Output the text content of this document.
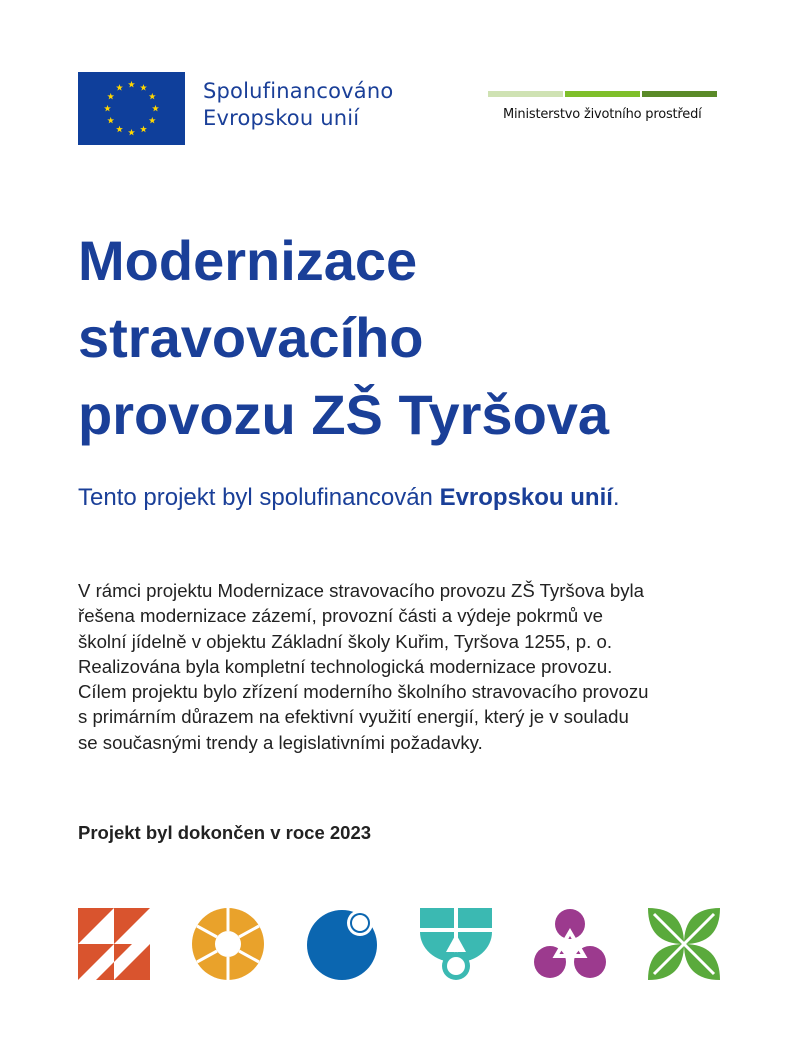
Spolufinancováno
Evropskou unií	Ministerstvo životního prostředí
Modernizace
stravovacího
provozu ZŠ Tyršova
Tento projekt byl spolufinancován Evropskou unií.
V rámci projektu Modernizace stravovacího provozu ZŠ Tyršova byla
řešena modernizace zázemí, provozní části a výdeje pokrmů ve
školní jídelně v objektu Základní školy Kuřim, Tyršova 1255, p. o.
Realizována byla kompletní technologická modernizace provozu.
Cílem projektu bylo zřízení moderního školního stravovacího provozu
s primárním důrazem na efektivní využití energií, který je v souladu
se současnými trendy a legislativními požadavky.
Projekt byl dokončen v roce 2023
